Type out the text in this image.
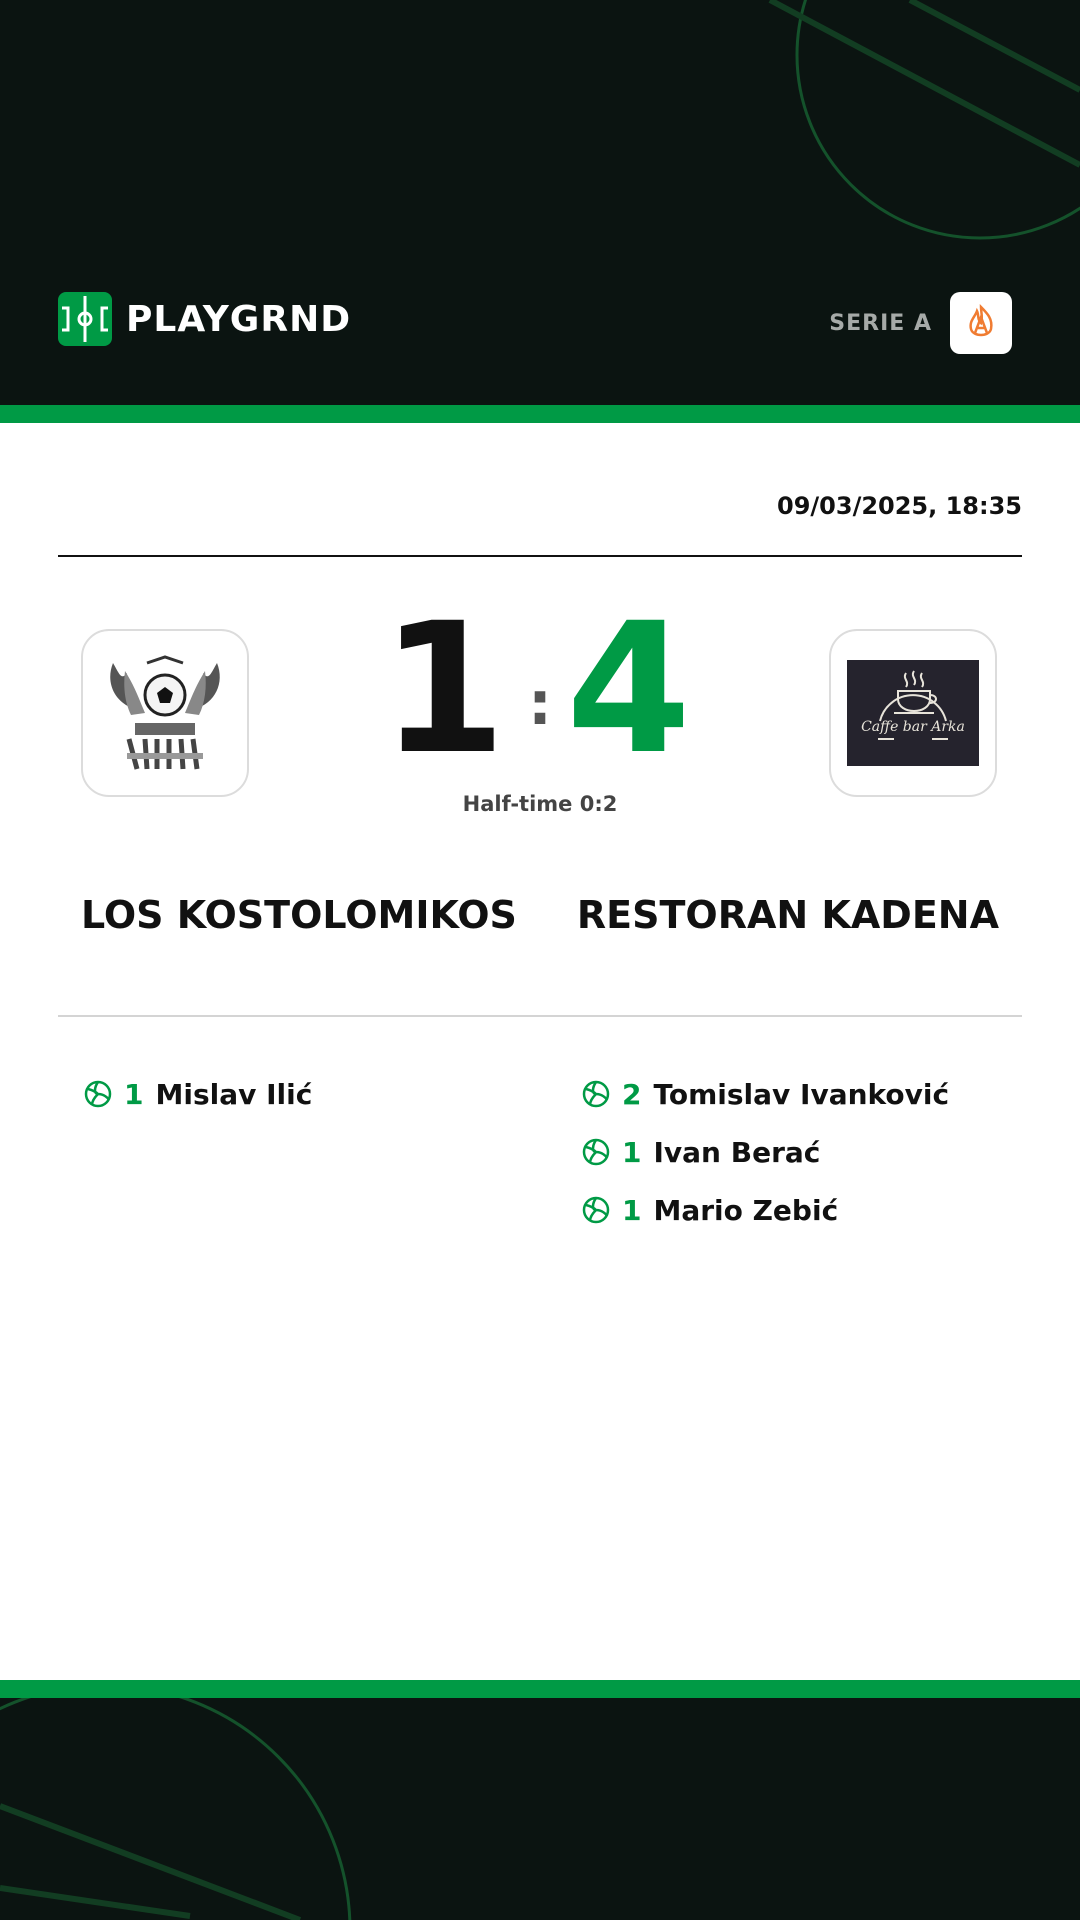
PLAYGRND	SERIE A
09/03/2025, 18:35
Caffe bar Arka
1 : 4
Half-time 0:2
LOS KOSTOLOMIKOS RESTORAN KADENA
1 Mislav Ilić	2 Tomislav Ivanković
1 Ivan Berać
1 Mario Zebić
